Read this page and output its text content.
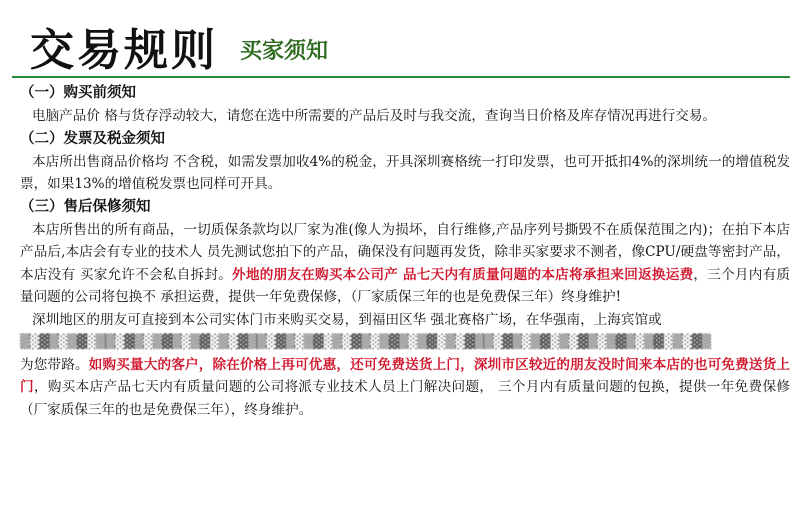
交易规则 买家须知

（一）购买前须知

电脑产品价 格与货存浮动较大，请您在选中所需要的产品后及时与我交流，查询当日价格及库存情况再进行交易。

（二）发票及税金须知

本店所出售商品价格均 不含税，如需发票加收4%的税金，开具深圳赛格统一打印发票，也可开抵扣4%的深圳统一的增值税发票，如果13%的增值税发票也同样可开具。

（三）售后保修须知

本店所售出的所有商品，一切质保条款均以厂家为准(像人为损坏，自行维修,产品序列号撕毁不在质保范围之内)；在拍下本店产品后,本店会有专业的技术人 员先测试您拍下的产品，确保没有问题再发货，除非买家要求不测者，像CPU/硬盘等密封产品，本店没有 买家允许不会私自拆封。外地的朋友在购买本公司产 品七天内有质量问题的本店将承担来回返换运费，三个月内有质量问题的公司将包换不 承担运费，提供一年免费保修，（厂家质保三年的也是免费保三年）终身维护!

深圳地区的朋友可直接到本公司实体门市来购买交易，到福田区华 强北赛格广场，在华强南，上海宾馆或

▒░▓▒░▒▓░▒▒░▓▒░▒▓▒░▒▓░▒░▓▒▒░▓▒░▒▓░▒░▓▒░▒▓▒░▒▓░▒░▓▒▒░▓▒░▒▓░▒░▓▒░▒▓▒░▒▓░▒░▓▒

为您带路。如购买量大的客户，除在价格上再可优惠，还可免费送货上门，深圳市区较近的朋友没时间来本店的也可免费送货上门，购买本店产品七天内有质量问题的公司将派专业技术人员上门解决问题， 三个月内有质量问题的包换，提供一年免费保修（厂家质保三年的也是免费保三年），终身维护。
